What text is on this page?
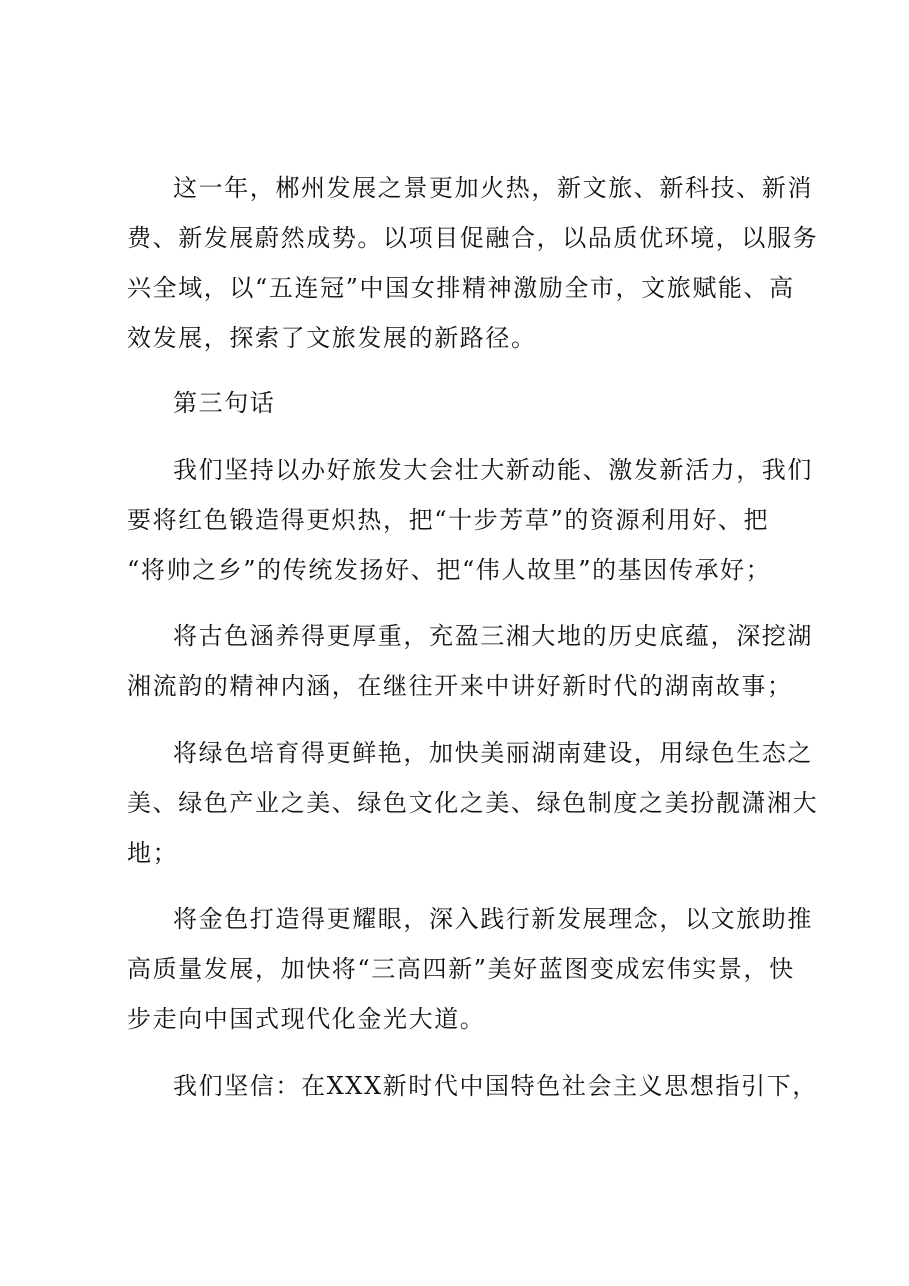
这一年，郴州发展之景更加火热，新文旅、新科技、新消
费、新发展蔚然成势。以项目促融合，以品质优环境，以服务
兴全域，以“五连冠”中国女排精神激励全市，文旅赋能、高
效发展，探索了文旅发展的新路径。
第三句话
我们坚持以办好旅发大会壮大新动能、激发新活力，我们
要将红色锻造得更炽热，把“十步芳草”的资源利用好、把
“将帅之乡”的传统发扬好、把“伟人故里”的基因传承好；
将古色涵养得更厚重，充盈三湘大地的历史底蕴，深挖湖
湘流韵的精神内涵，在继往开来中讲好新时代的湖南故事；
将绿色培育得更鲜艳，加快美丽湖南建设，用绿色生态之
美、绿色产业之美、绿色文化之美、绿色制度之美扮靓潇湘大
地；
将金色打造得更耀眼，深入践行新发展理念，以文旅助推
高质量发展，加快将“三高四新”美好蓝图变成宏伟实景，快
步走向中国式现代化金光大道。
我们坚信：在XXX新时代中国特色社会主义思想指引下，
